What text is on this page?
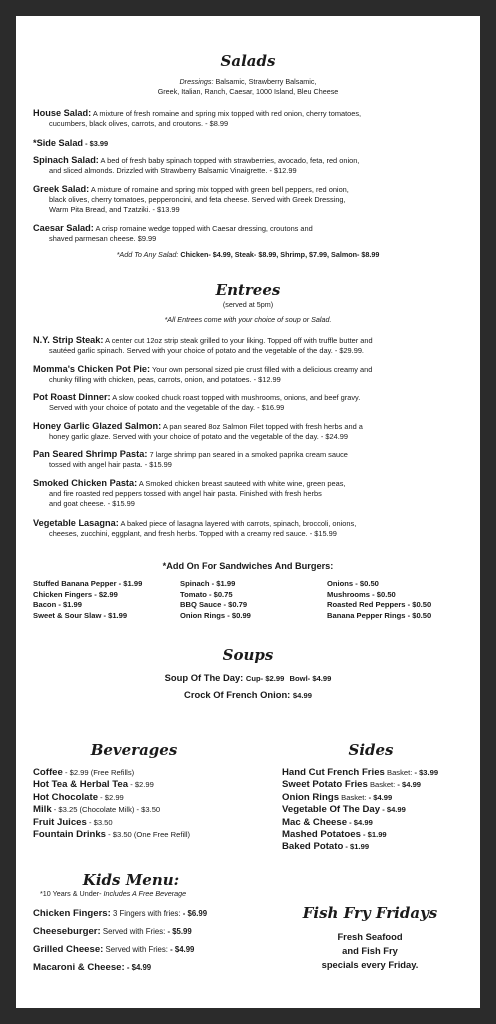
Salads
Dressings: Balsamic, Strawberry Balsamic,
Greek, Italian, Ranch, Caesar, 1000 Island, Bleu Cheese
House Salad: A mixture of fresh romaine and spring mix topped with red onion, cherry tomatoes,
cucumbers, black olives, carrots, and croutons. - $8.99
*Side Salad - $3.99
Spinach Salad: A bed of fresh baby spinach topped with strawberries, avocado, feta, red onion,
and sliced almonds. Drizzled with Strawberry Balsamic Vinaigrette. - $12.99
Greek Salad: A mixture of romaine and spring mix topped with green bell peppers, red onion,
black olives, cherry tomatoes, pepperoncini, and feta cheese. Served with Greek Dressing,
Warm Pita Bread, and Tzatziki. - $13.99
Caesar Salad: A crisp romaine wedge topped with Caesar dressing, croutons and
shaved parmesan cheese. $9.99
*Add To Any Salad: Chicken- $4.99, Steak- $8.99, Shrimp, $7.99, Salmon- $8.99
Entrees
(served at 5pm)
*All Entrees come with your choice of soup or Salad.
N.Y. Strip Steak: A center cut 12oz strip steak grilled to your liking. Topped off with truffle butter and
sautéed garlic spinach. Served with your choice of potato and the vegetable of the day. - $29.99.
Momma's Chicken Pot Pie: Your own personal sized pie crust filled with a delicious creamy and
chunky filling with chicken, peas, carrots, onion, and potatoes. - $12.99
Pot Roast Dinner: A slow cooked chuck roast topped with mushrooms, onions, and beef gravy.
Served with your choice of potato and the vegetable of the day. - $16.99
Honey Garlic Glazed Salmon: A pan seared 8oz Salmon Filet topped with fresh herbs and a
honey garlic glaze. Served with your choice of potato and the vegetable of the day. - $24.99
Pan Seared Shrimp Pasta: 7 large shrimp pan seared in a smoked paprika cream sauce
tossed with angel hair pasta. - $15.99
Smoked Chicken Pasta: A Smoked chicken breast sauteed with white wine, green peas,
and fire roasted red peppers tossed with angel hair pasta. Finished with fresh herbs
and goat cheese. - $15.99
Vegetable Lasagna: A baked piece of lasagna layered with carrots, spinach, broccoli, onions,
cheeses, zucchini, eggplant, and fresh herbs. Topped with a creamy red sauce. - $15.99
*Add On For Sandwiches And Burgers:
Stuffed Banana Pepper - $1.99
Chicken Fingers - $2.99
Bacon - $1.99
Sweet & Sour Slaw - $1.99
Spinach - $1.99
Tomato - $0.75
BBQ Sauce - $0.79
Onion Rings - $0.99
Onions - $0.50
Mushrooms - $0.50
Roasted Red Peppers - $0.50
Banana Pepper Rings - $0.50
Soups
Soup Of The Day: Cup- $2.99 Bowl- $4.99
Crock Of French Onion: $4.99
Beverages
Coffee - $2.99 (Free Refills)
Hot Tea & Herbal Tea - $2.99
Hot Chocolate - $2.99
Milk - $3.25 (Chocolate Milk) - $3.50
Fruit Juices - $3.50
Fountain Drinks - $3.50 (One Free Refill)
Sides
Hand Cut French Fries Basket: - $3.99
Sweet Potato Fries Basket: - $4.99
Onion Rings Basket: - $4.99
Vegetable Of The Day - $4.99
Mac & Cheese - $4.99
Mashed Potatoes - $1.99
Baked Potato - $1.99
Kids Menu:
*10 Years & Under- Includes A Free Beverage
Chicken Fingers: 3 Fingers with fries: - $6.99
Cheeseburger: Served with Fries: - $5.99
Grilled Cheese: Served with Fries: - $4.99
Macaroni & Cheese: - $4.99
Fish Fry Fridays
Fresh Seafood
and Fish Fry
specials every Friday.
